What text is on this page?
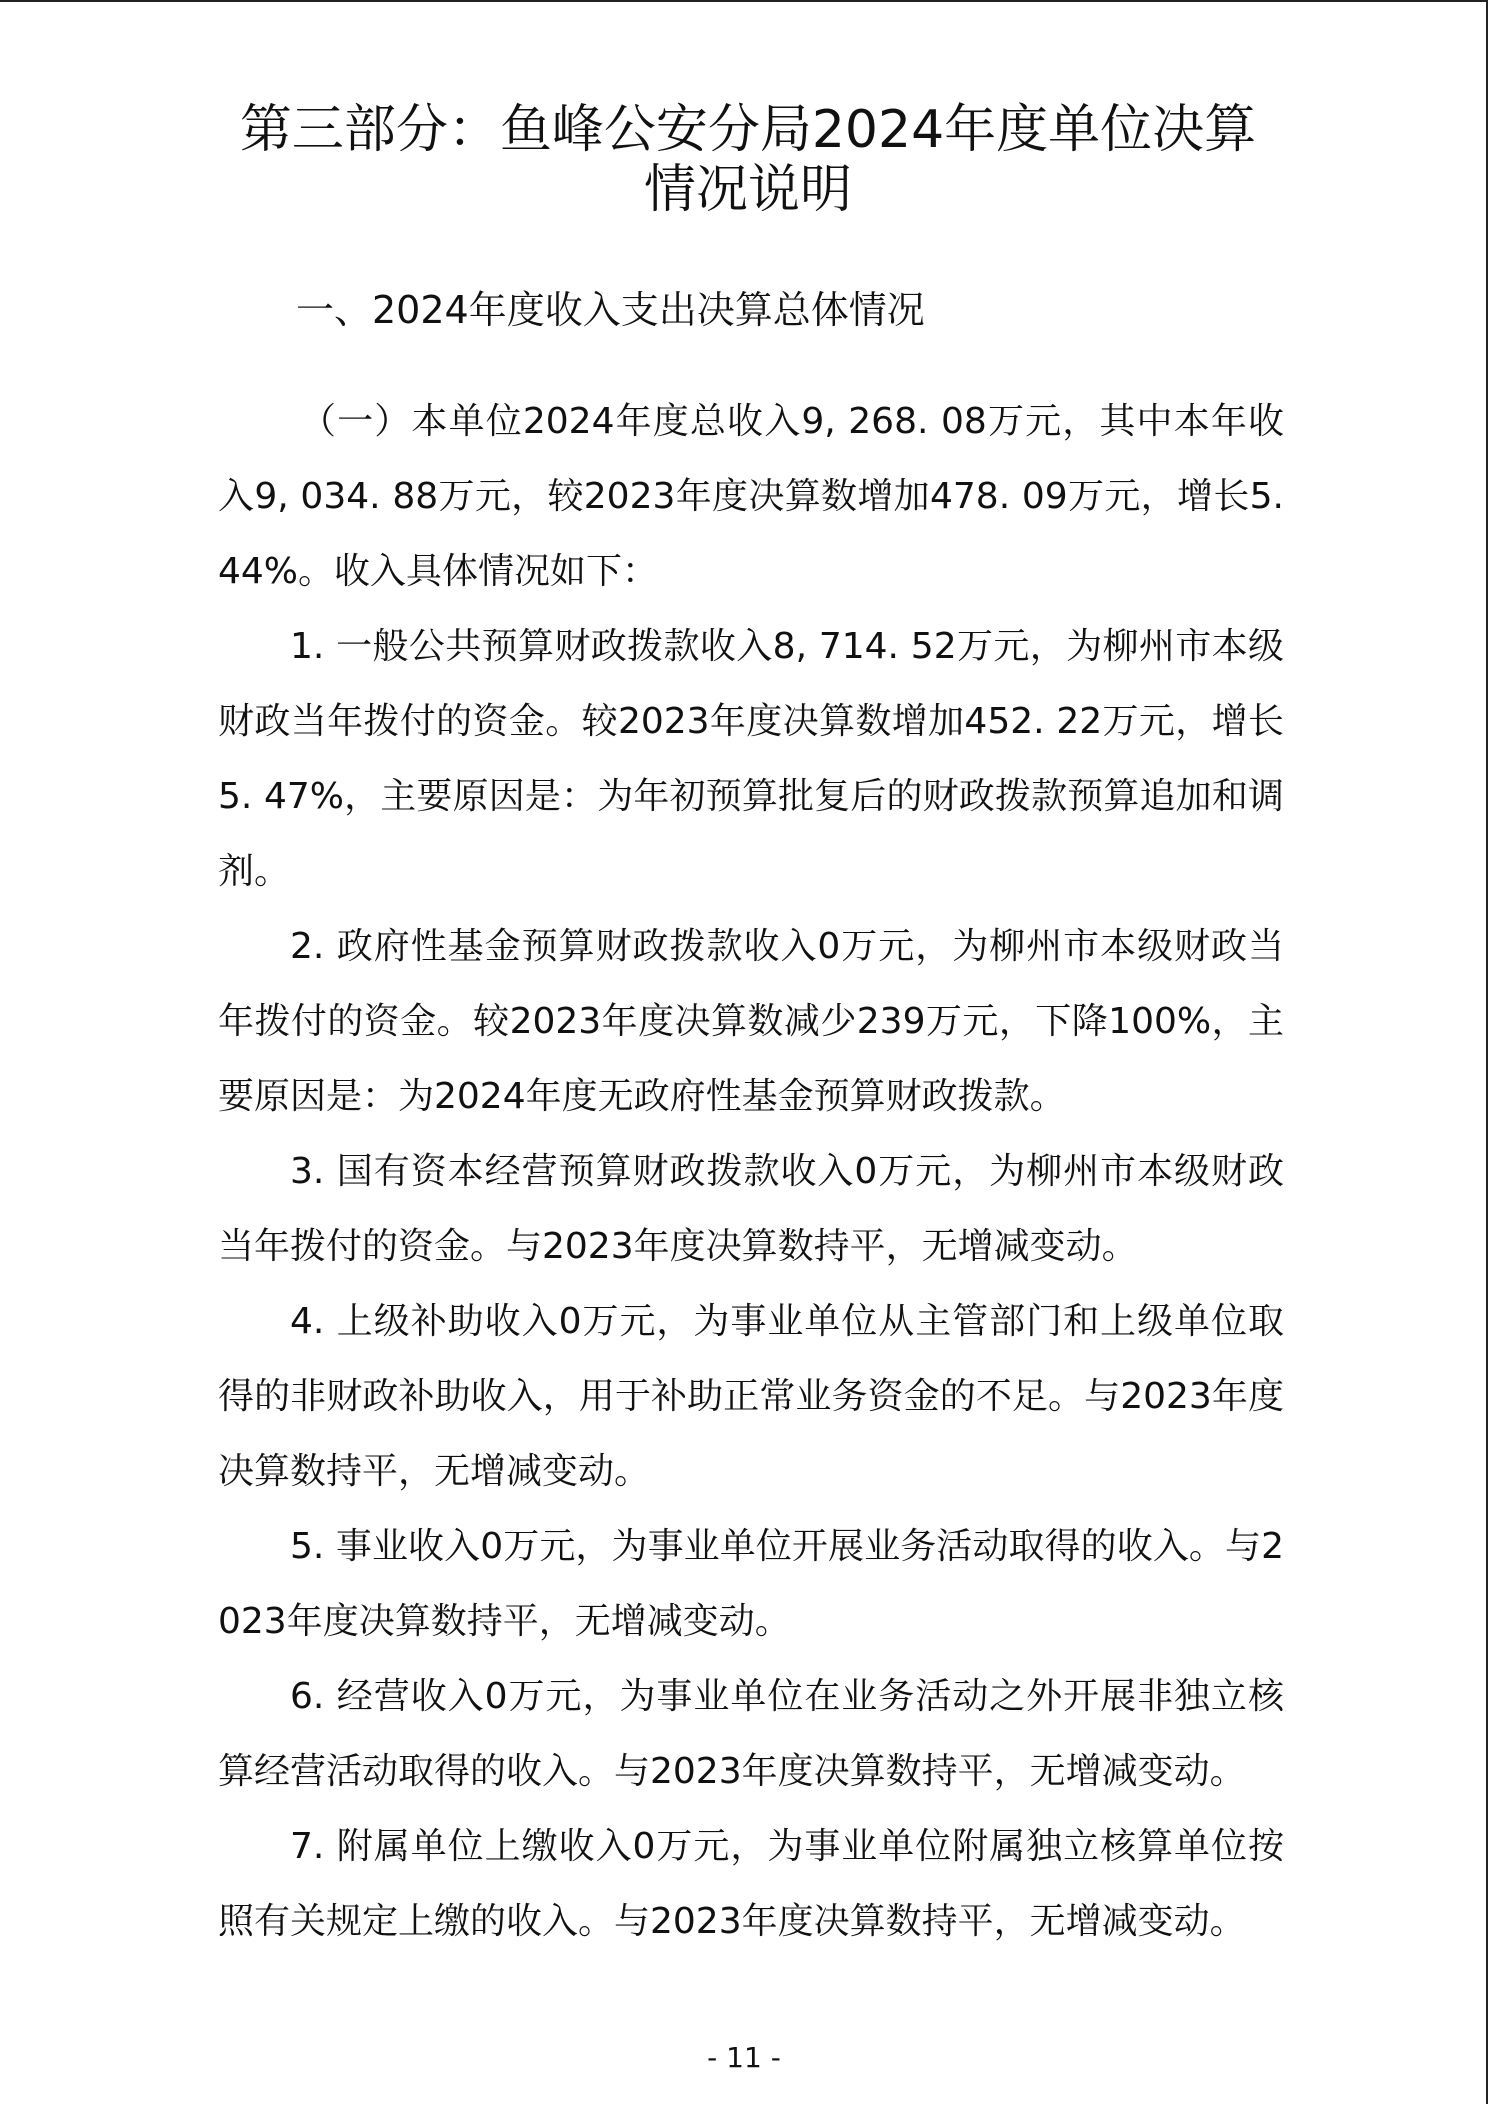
第三部分：鱼峰公安分局2024年度单位决算
情况说明
一、2024年度收入支出决算总体情况

（一）本单位2024年度总收入9, 268. 08万元，其中本年收入9, 034. 88万元，较2023年度决算数增加478. 09万元，增长5. 44%。收入具体情况如下：

1. 一般公共预算财政拨款收入8, 714. 52万元，为柳州市本级财政当年拨付的资金。较2023年度决算数增加452. 22万元，增长5. 47%，主要原因是：为年初预算批复后的财政拨款预算追加和调剂。

2. 政府性基金预算财政拨款收入0万元，为柳州市本级财政当年拨付的资金。较2023年度决算数减少239万元，下降100%，主要原因是：为2024年度无政府性基金预算财政拨款。

3. 国有资本经营预算财政拨款收入0万元，为柳州市本级财政当年拨付的资金。与2023年度决算数持平，无增减变动。

4. 上级补助收入0万元，为事业单位从主管部门和上级单位取得的非财政补助收入，用于补助正常业务资金的不足。与2023年度决算数持平，无增减变动。

5. 事业收入0万元，为事业单位开展业务活动取得的收入。与2023年度决算数持平，无增减变动。

6. 经营收入0万元，为事业单位在业务活动之外开展非独立核算经营活动取得的收入。与2023年度决算数持平，无增减变动。

7. 附属单位上缴收入0万元，为事业单位附属独立核算单位按照有关规定上缴的收入。与2023年度决算数持平，无增减变动。

- 11 -
